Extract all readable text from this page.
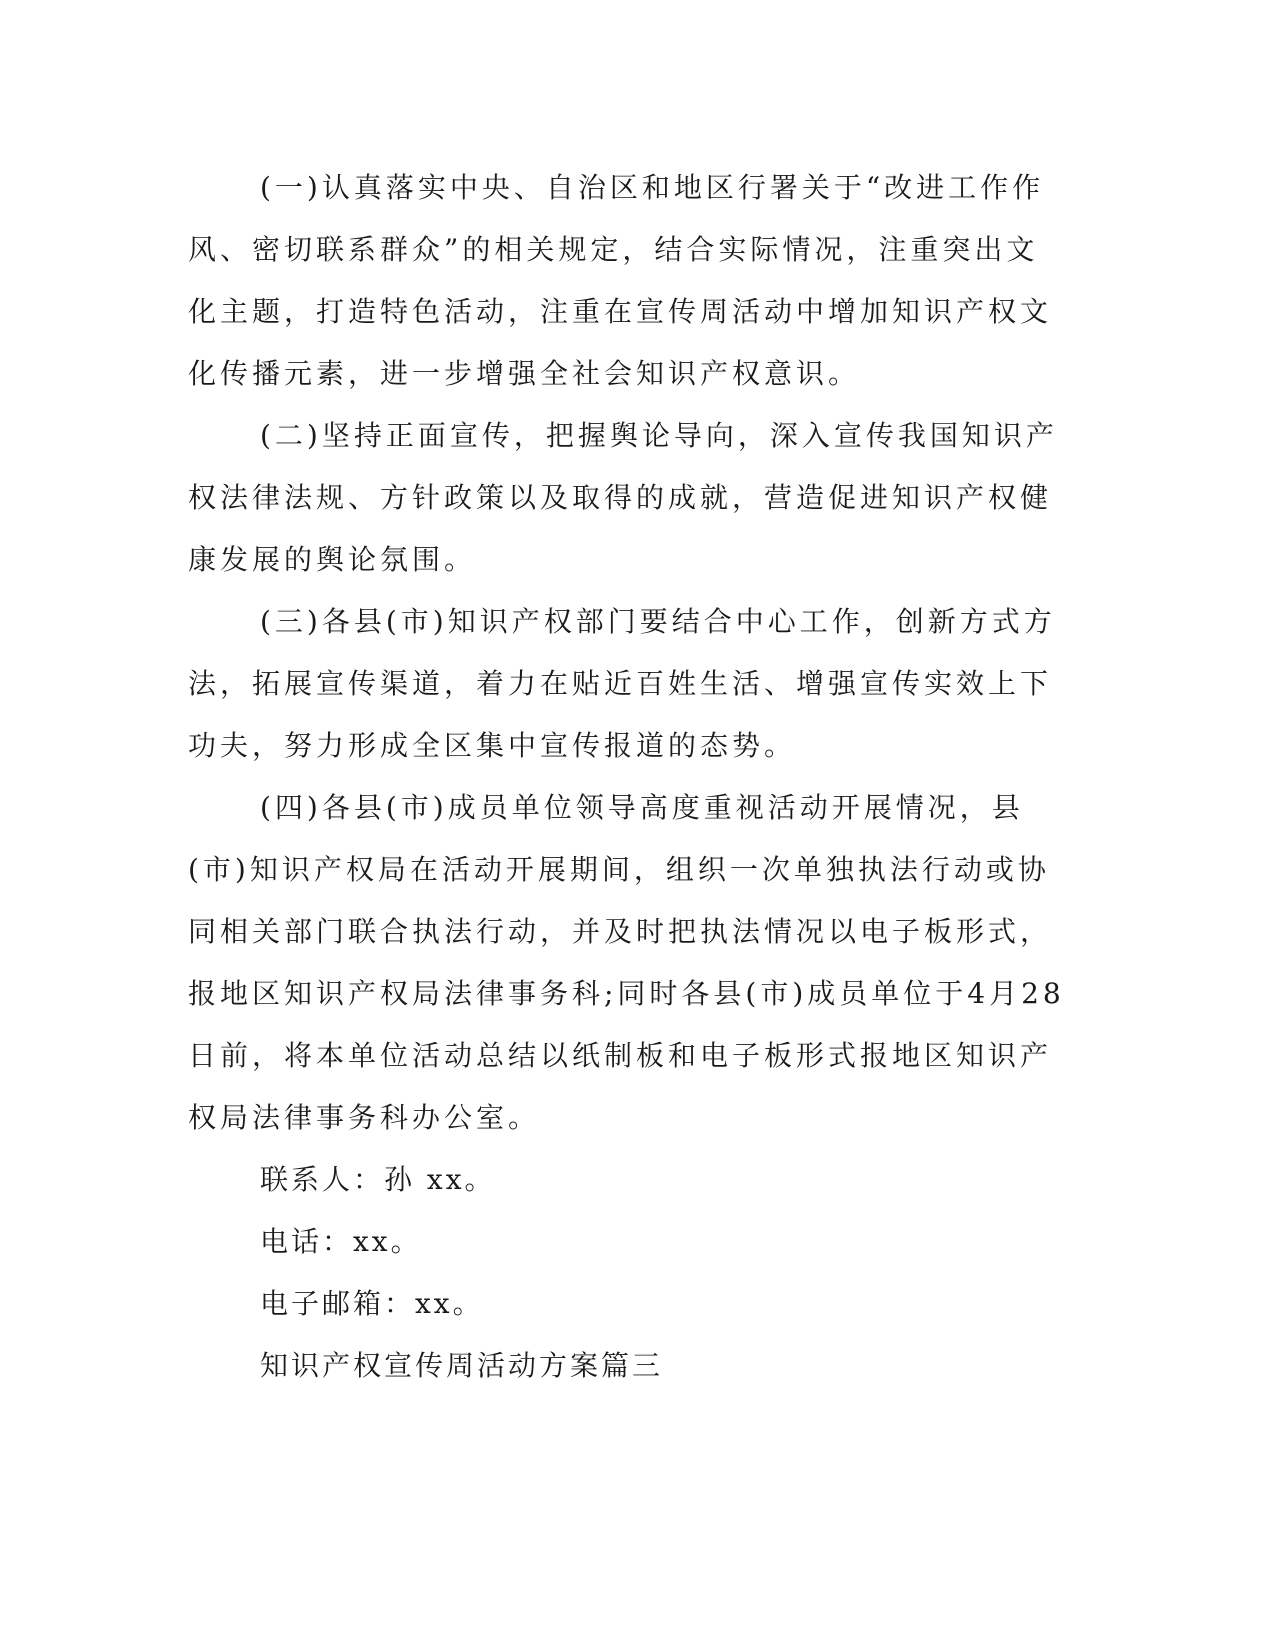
(一)认真落实中央、自治区和地区行署关于“改进工作作风、密切联系群众”的相关规定，结合实际情况，注重突出文化主题，打造特色活动，注重在宣传周活动中增加知识产权文化传播元素，进一步增强全社会知识产权意识。

(二)坚持正面宣传，把握舆论导向，深入宣传我国知识产权法律法规、方针政策以及取得的成就，营造促进知识产权健康发展的舆论氛围。

(三)各县(市)知识产权部门要结合中心工作，创新方式方法，拓展宣传渠道，着力在贴近百姓生活、增强宣传实效上下功夫，努力形成全区集中宣传报道的态势。

(四)各县(市)成员单位领导高度重视活动开展情况，县(市)知识产权局在活动开展期间，组织一次单独执法行动或协同相关部门联合执法行动，并及时把执法情况以电子板形式，报地区知识产权局法律事务科;同时各县(市)成员单位于4月28日前，将本单位活动总结以纸制板和电子板形式报地区知识产权局法律事务科办公室。

联系人：孙 xx。

电话：xx。

电子邮箱：xx。

知识产权宣传周活动方案篇三
